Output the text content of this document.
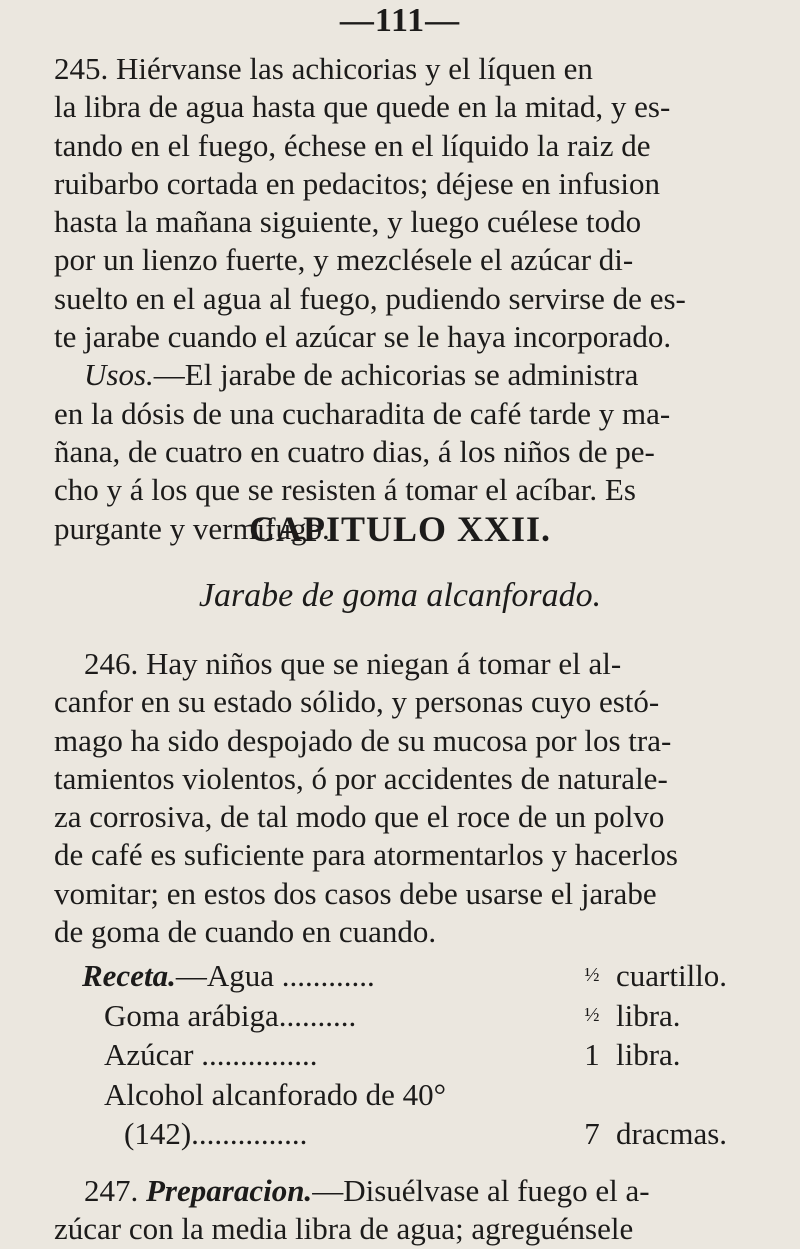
—111—
245. Hiérvanse las achicorias y el líquen en
la libra de agua hasta que quede en la mitad, y es-
tando en el fuego, échese en el líquido la raiz de
ruibarbo cortada en pedacitos; déjese en infusion
hasta la mañana siguiente, y luego cuélese todo
por un lienzo fuerte, y mezclésele el azúcar di-
suelto en el agua al fuego, pudiendo servirse de es-
te jarabe cuando el azúcar se le haya incorporado.
Usos.—El jarabe de achicorias se administra
en la dósis de una cucharadita de café tarde y ma-
ñana, de cuatro en cuatro dias, á los niños de pe-
cho y á los que se resisten á tomar el acíbar. Es
purgante y vermífugo.
CAPITULO XXII.
Jarabe de goma alcanforado.
246. Hay niños que se niegan á tomar el al-
canfor en su estado sólido, y personas cuyo estó-
mago ha sido despojado de su mucosa por los tra-
tamientos violentos, ó por accidentes de naturale-
za corrosiva, de tal modo que el roce de un polvo
de café es suficiente para atormentarlos y hacerlos
vomitar; en estos dos casos debe usarse el jarabe
de goma de cuando en cuando.
Receta.—Agua ............	½ cuartillo.
Goma arábiga..........	½ libra.
Azúcar ...............	1 libra.
Alcohol alcanforado de 40°
(142)...............	7 dracmas.
247. Preparacion.—Disuélvase al fuego el a-
zúcar con la media libra de agua; agreguénsele
